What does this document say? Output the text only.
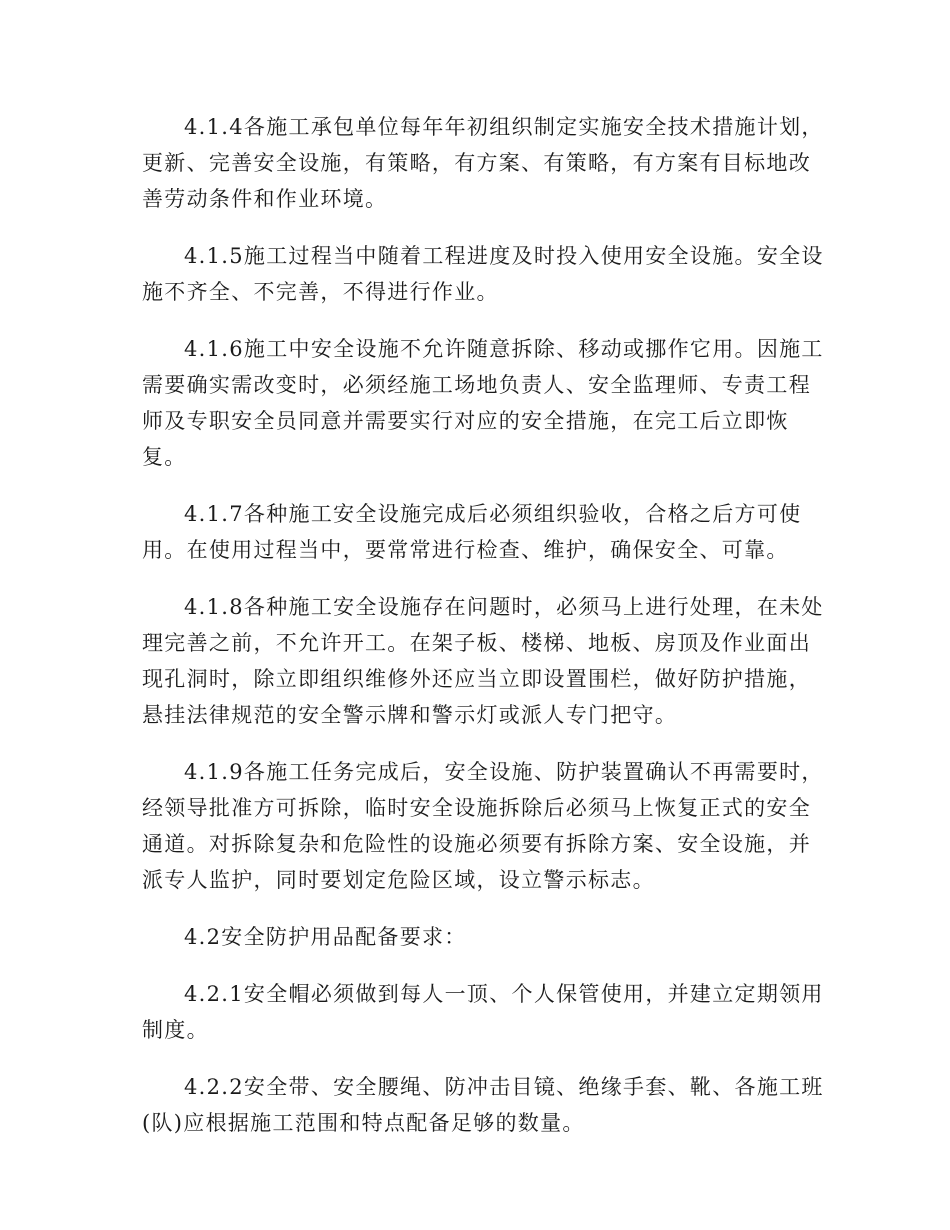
4.1.4各施工承包单位每年年初组织制定实施安全技术措施计划，
更新、完善安全设施，有策略，有方案、有策略，有方案有目标地改
善劳动条件和作业环境。
4.1.5施工过程当中随着工程进度及时投入使用安全设施。安全设
施不齐全、不完善，不得进行作业。
4.1.6施工中安全设施不允许随意拆除、移动或挪作它用。因施工
需要确实需改变时，必须经施工场地负责人、安全监理师、专责工程
师及专职安全员同意并需要实行对应的安全措施，在完工后立即恢
复。
4.1.7各种施工安全设施完成后必须组织验收，合格之后方可使
用。在使用过程当中，要常常进行检查、维护，确保安全、可靠。
4.1.8各种施工安全设施存在问题时，必须马上进行处理，在未处
理完善之前，不允许开工。在架子板、楼梯、地板、房顶及作业面出
现孔洞时，除立即组织维修外还应当立即设置围栏，做好防护措施，
悬挂法律规范的安全警示牌和警示灯或派人专门把守。
4.1.9各施工任务完成后，安全设施、防护装置确认不再需要时，
经领导批准方可拆除，临时安全设施拆除后必须马上恢复正式的安全
通道。对拆除复杂和危险性的设施必须要有拆除方案、安全设施，并
派专人监护，同时要划定危险区域，设立警示标志。
4.2安全防护用品配备要求：
4.2.1安全帽必须做到每人一顶、个人保管使用，并建立定期领用
制度。
4.2.2安全带、安全腰绳、防冲击目镜、绝缘手套、靴、各施工班
(队)应根据施工范围和特点配备足够的数量。
